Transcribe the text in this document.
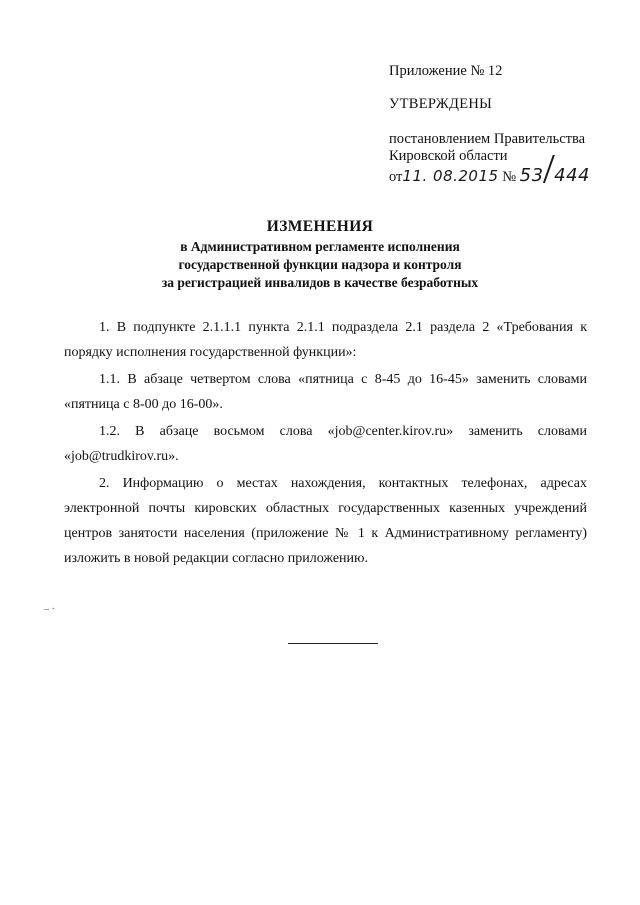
Приложение № 12

УТВЕРЖДЕНЫ

постановлением Правительства

Кировской области

от11. 08.2015 № 53/444

ИЗМЕНЕНИЯ

в Административном регламенте исполнения
государственной функции надзора и контроля
за регистрацией инвалидов в качестве безработных

1. В подпункте 2.1.1.1 пункта 2.1.1 подраздела 2.1 раздела 2 «Требования к порядку исполнения государственной функции»:

1.1. В абзаце четвертом слова «пятница с 8-45 до 16-45» заменить словами «пятница с 8-00 до 16-00».

1.2. В абзаце восьмом слова «job@center.kirov.ru» заменить словами «job@trudkirov.ru».

2. Информацию о местах нахождения, контактных телефонах, адресах электронной почты кировских областных государственных казенных учреждений центров занятости населения (приложение № 1 к Административному регламенту) изложить в новой редакции согласно приложению.

– ·
